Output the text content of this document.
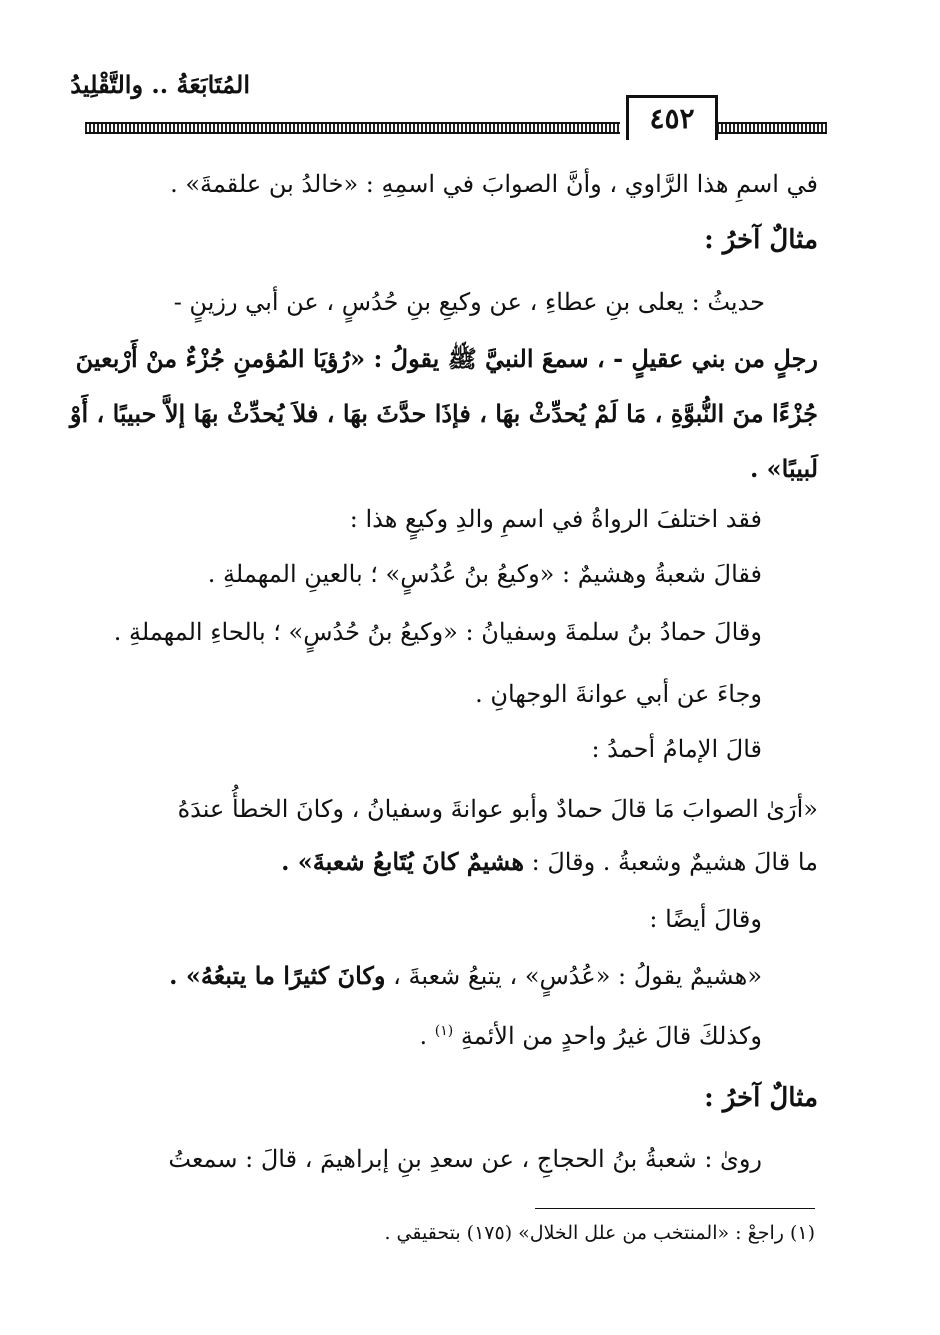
المُتَابَعَةُ .. والتَّقْلِيدُ
٤٥٢
في اسمِ هذا الرَّاوي ، وأنَّ الصوابَ في اسمِهِ : «خالدُ بن علقمةَ» .
مثالٌ آخرُ :
حديثُ : يعلى بنِ عطاءِ ، عن وكيعِ بنِ حُدُسٍ ، عن أبي رزينٍ -
رجلٍ من بني عقيلٍ - ، سمعَ النبيَّ ﷺ يقولُ : «رُؤيَا المُؤمنِ جُزْءٌ منْ أَرْبعينَ
جُزْءًا منَ النُّبوَّةِ ، مَا لَمْ يُحدِّثْ بهَا ، فإذَا حدَّثَ بهَا ، فلاَ يُحدِّثْ بهَا إلاَّ حبيبًا ، أَوْ
لَبيبًا» .
فقد اختلفَ الرواةُ في اسمِ والدِ وكيعٍ هذا :
فقالَ شعبةُ وهشيمٌ : «وكيعُ بنُ عُدُسٍ» ؛ بالعينِ المهملةِ .
وقالَ حمادُ بنُ سلمةَ وسفيانُ : «وكيعُ بنُ حُدُسٍ» ؛ بالحاءِ المهملةِ .
وجاءَ عن أبي عوانةَ الوجهانِ .
قالَ الإمامُ أحمدُ :
«أرَىٰ الصوابَ مَا قالَ حمادٌ وأبو عوانةَ وسفيانُ ، وكانَ الخطأُ عندَهُ
ما قالَ هشيمٌ وشعبةُ . وقالَ : هشيمٌ كانَ يُتَابعُ شعبةَ» .
وقالَ أيضًا :
«هشيمٌ يقولُ : «عُدُسٍ» ، يتبعُ شعبةَ ، وكانَ كثيرًا ما يتبعُهُ» .
وكذلكَ قالَ غيرُ واحدٍ من الأئمةِ $^{(١)}$ .
مثالٌ آخرُ :
روىٰ : شعبةُ بنُ الحجاجِ ، عن سعدِ بنِ إبراهيمَ ، قالَ : سمعتُ
(١) راجعْ : «المنتخب من علل الخلال» (١٧٥) بتحقيقي .
